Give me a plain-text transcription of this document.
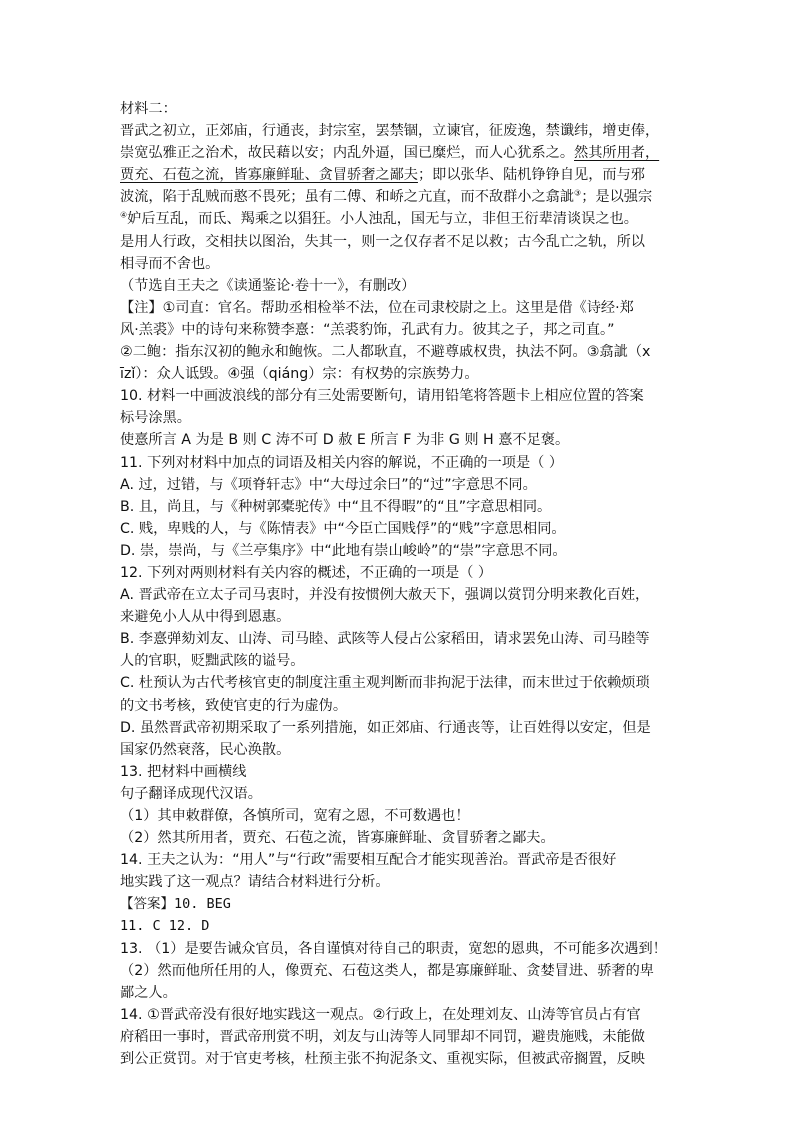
材料二：
晋武之初立，正郊庙，行通丧，封宗室，罢禁锢，立谏官，征废逸，禁谶纬，增吏俸，
崇宽弘雅正之治术，故民藉以安；内乱外逼，国已糜烂，而人心犹系之。然其所用者，
贾充、石苞之流，皆寡廉鲜耻、贪冒骄奢之鄙夫；即以张华、陆机铮铮自见，而与邪
波流，陷于乱贼而憨不畏死；虽有二傅、和峤之亢直，而不敌群小之翕訿③；是以强宗
④妒后互乱，而氐、羯乘之以猖狂。小人浊乱，国无与立，非但王衍辈清谈误之也。
是用人行政，交相扶以图治，失其一，则一之仅存者不足以救；古今乱亡之轨，所以
相寻而不舍也。
（节选自王夫之《读通鉴论·卷十一》，有删改）
【注】①司直：官名。帮助丞相检举不法，位在司隶校尉之上。这里是借《诗经·郑
风·羔裘》中的诗句来称赞李憙：“羔裘豹饰，孔武有力。彼其之子，邦之司直。”
②二鲍：指东汉初的鲍永和鲍恢。二人都耿直，不避尊戚权贵，执法不阿。③翕訿（x
īzǐ）：众人诋毁。④强（qiáng）宗：有权势的宗族势力。
10. 材料一中画波浪线的部分有三处需要断句，请用铅笔将答题卡上相应位置的答案
标号涂黑。
使憙所言 A 为是 B 则 C 涛不可 D 赦 E 所言 F 为非 G 则 H 憙不足褒。
11. 下列对材料中加点的词语及相关内容的解说，不正确的一项是（ ）
A. 过，过错，与《项脊轩志》中“大母过余曰”的“过”字意思不同。
B. 且，尚且，与《种树郭橐驼传》中“且不得暇”的“且”字意思相同。
C. 贱，卑贱的人，与《陈情表》中“今臣亡国贱俘”的“贱”字意思相同。
D. 崇，崇尚，与《兰亭集序》中“此地有崇山峻岭”的“崇”字意思不同。
12. 下列对两则材料有关内容的概述，不正确的一项是（ ）
A. 晋武帝在立太子司马衷时，并没有按惯例大赦天下，强调以赏罚分明来教化百姓，
来避免小人从中得到恩惠。
B. 李憙弹劾刘友、山涛、司马睦、武陔等人侵占公家稻田，请求罢免山涛、司马睦等
人的官职，贬黜武陔的谥号。
C. 杜预认为古代考核官吏的制度注重主观判断而非拘泥于法律，而末世过于依赖烦琐
的文书考核，致使官吏的行为虚伪。
D. 虽然晋武帝初期采取了一系列措施，如正郊庙、行通丧等，让百姓得以安定，但是
国家仍然衰落，民心涣散。
13. 把材料中画横线
句子翻译成现代汉语。
（1）其申敕群僚，各慎所司，宽宥之恩，不可数遇也！
（2）然其所用者，贾充、石苞之流，皆寡廉鲜耻、贪冒骄奢之鄙夫。
14. 王夫之认为：“用人”与“行政”需要相互配合才能实现善治。晋武帝是否很好
地实践了这一观点？请结合材料进行分析。
【答案】10. BEG
11. C 12. D
13. （1）是要告诫众官员，各自谨慎对待自己的职责，宽恕的恩典，不可能多次遇到！
（2）然而他所任用的人，像贾充、石苞这类人，都是寡廉鲜耻、贪婪冒进、骄奢的卑
鄙之人。
14. ①晋武帝没有很好地实践这一观点。②行政上，在处理刘友、山涛等官员占有官
府稻田一事时，晋武帝刑赏不明，刘友与山涛等人同罪却不同罚，避贵施贱，未能做
到公正赏罚。对于官吏考核，杜预主张不拘泥条文、重视实际，但被武帝搁置，反映
